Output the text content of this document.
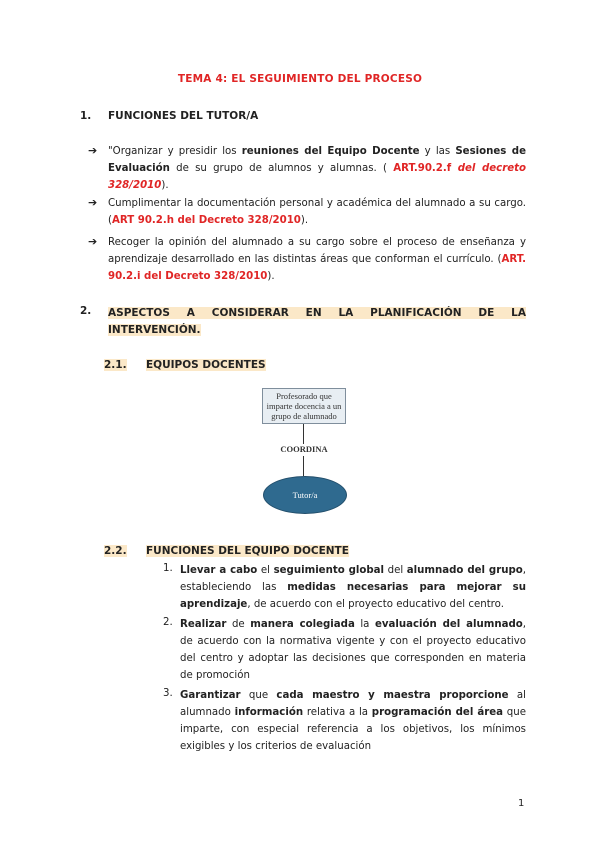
TEMA 4: EL SEGUIMIENTO DEL PROCESO
1. FUNCIONES DEL TUTOR/A
➔ "Organizar y presidir los reuniones del Equipo Docente y las Sesiones de Evaluación de su grupo de alumnos y alumnas. ( ART.90.2.f del decreto 328/2010).
➔ Cumplimentar la documentación personal y académica del alumnado a su cargo. (ART 90.2.h del Decreto 328/2010).
➔ Recoger la opinión del alumnado a su cargo sobre el proceso de enseñanza y aprendizaje desarrollado en las distintas áreas que conforman el currículo. (ART. 90.2.i del Decreto 328/2010).
2. ASPECTOS A CONSIDERAR EN LA PLANIFICACIÓN DE LA INTERVENCIÓN.
2.1. EQUIPOS DOCENTES
Profesorado que imparte docencia a un grupo de alumnado
COORDINA
Tutor/a
2.2. FUNCIONES DEL EQUIPO DOCENTE
1. Llevar a cabo el seguimiento global del alumnado del grupo, estableciendo las medidas necesarias para mejorar su aprendizaje, de acuerdo con el proyecto educativo del centro.
2. Realizar de manera colegiada la evaluación del alumnado, de acuerdo con la normativa vigente y con el proyecto educativo del centro y adoptar las decisiones que corresponden en materia de promoción
3. Garantizar que cada maestro y maestra proporcione al alumnado información relativa a la programación del área que imparte, con especial referencia a los objetivos, los mínimos exigibles y los criterios de evaluación
1
